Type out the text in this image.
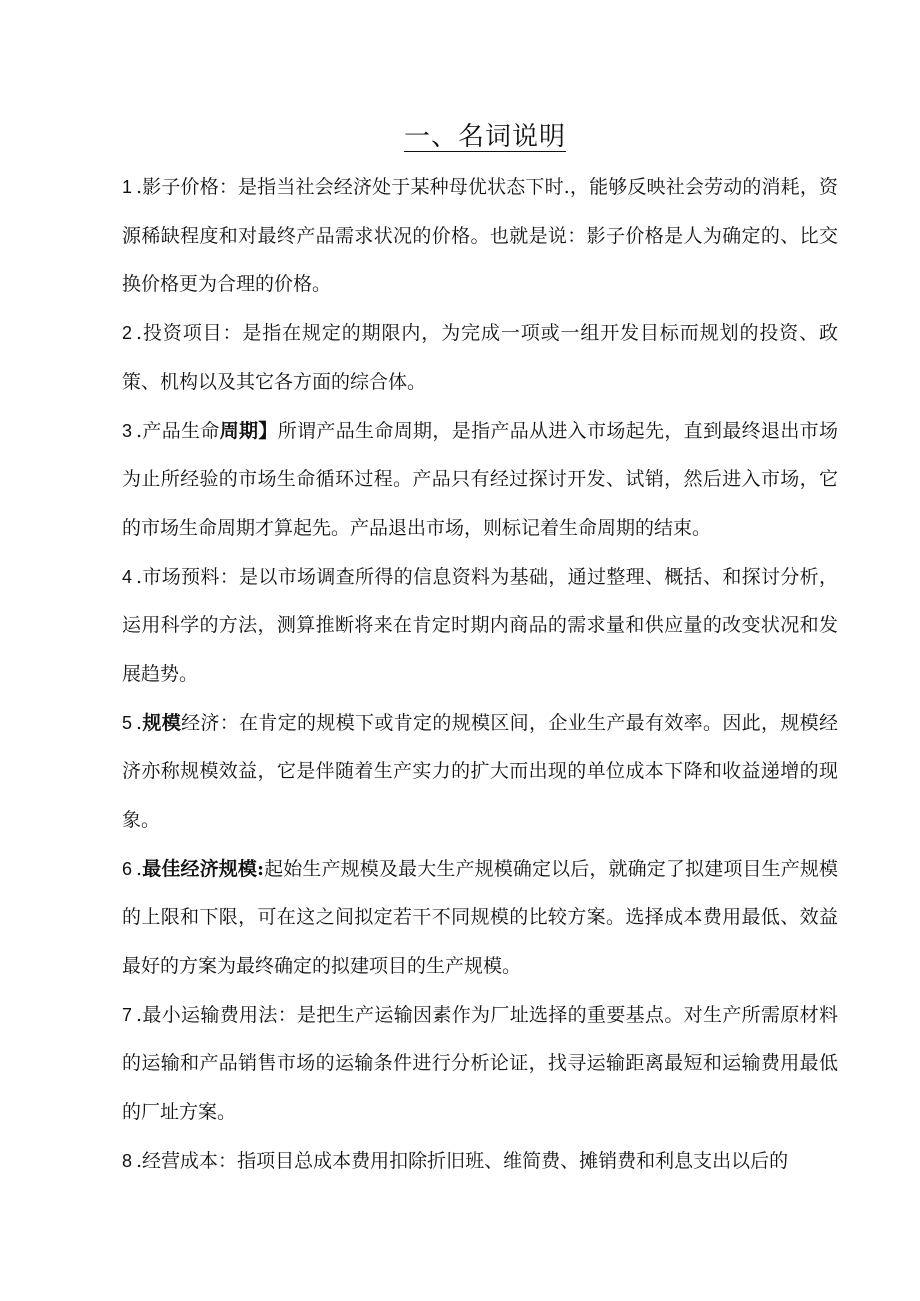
一、名词说明

1 .影子价格：是指当社会经济处于某种母优状态下时.，能够反映社会劳动的消耗，资源稀缺程度和对最终产品需求状况的价格。也就是说：影子价格是人为确定的、比交换价格更为合理的价格。

2 .投资项目：是指在规定的期限内，为完成一项或一组开发目标而规划的投资、政策、机构以及其它各方面的综合体。

3 .产品生命周期】所谓产品生命周期，是指产品从进入市场起先，直到最终退出市场为止所经验的市场生命循环过程。产品只有经过探讨开发、试销，然后进入市场，它的市场生命周期才算起先。产品退出市场，则标记着生命周期的结束。

4 .市场预料：是以市场调查所得的信息资料为基础，通过整理、概括、和探讨分析，运用科学的方法，测算推断将来在肯定时期内商品的需求量和供应量的改变状况和发展趋势。

5 .规模经济：在肯定的规模下或肯定的规模区间，企业生产最有效率。因此，规模经济亦称规模效益，它是伴随着生产实力的扩大而出现的单位成本下降和收益递增的现象。

6 .最佳经济规模:起始生产规模及最大生产规模确定以后，就确定了拟建项目生产规模的上限和下限，可在这之间拟定若干不同规模的比较方案。选择成本费用最低、效益最好的方案为最终确定的拟建项目的生产规模。

7 .最小运输费用法：是把生产运输因素作为厂址选择的重要基点。对生产所需原材料的运输和产品销售市场的运输条件进行分析论证，找寻运输距离最短和运输费用最低的厂址方案。

8 .经营成本：指项目总成本费用扣除折旧班、维简费、摊销费和利息支出以后的
